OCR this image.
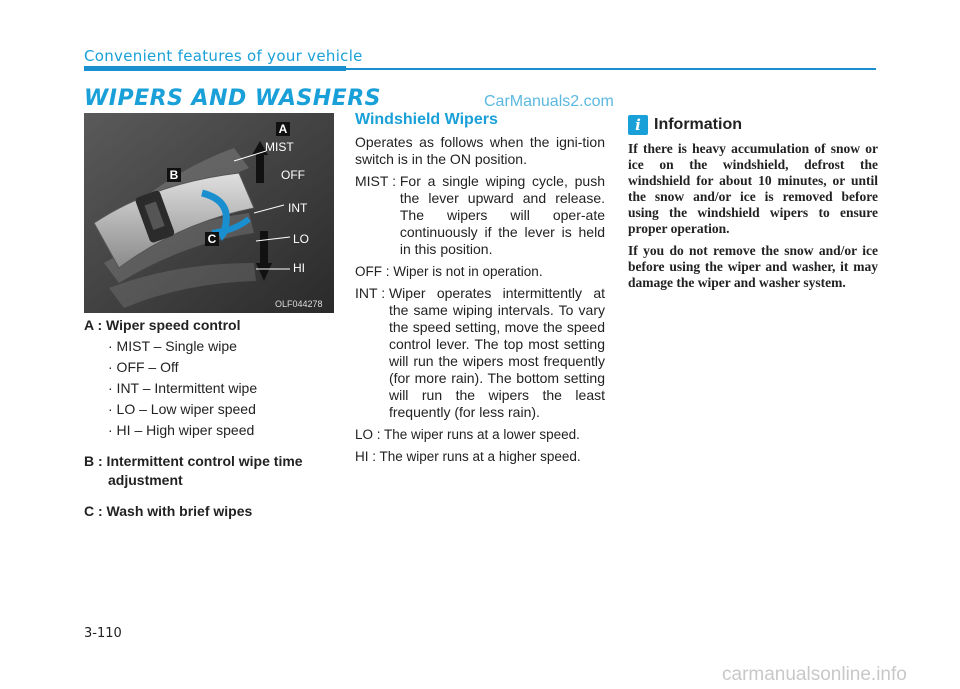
Convenient features of your vehicle
WIPERS AND WASHERS	CarManuals2.com
A
B
C
MIST
OFF
INT
LO
HI
OLF044278
A : Wiper speed control
· MIST – Single wipe
· OFF – Off
· INT – Intermittent wipe
· LO – Low wiper speed
· HI – High wiper speed
B : Intermittent control wipe time
adjustment
C : Wash with brief wipes
Windshield Wipers

Operates as follows when the igni-tion switch is in the ON position.

MIST : For a single wiping cycle, push the lever upward and release. The wipers will oper-ate continuously if the lever is held in this position.
OFF : Wiper is not in operation.
INT : Wiper operates intermittently at the same wiping intervals. To vary the speed setting, move the speed control lever. The top most setting will run the wipers most frequently (for more rain). The bottom setting will run the wipers the least frequently (for less rain).
LO : The wiper runs at a lower speed.
HI : The wiper runs at a higher speed.
i Information

If there is heavy accumulation of snow or ice on the windshield, defrost the windshield for about 10 minutes, or until the snow and/or ice is removed before using the windshield wipers to ensure proper operation.

If you do not remove the snow and/or ice before using the wiper and washer, it may damage the wiper and washer system.

3-110
carmanualsonline.info
